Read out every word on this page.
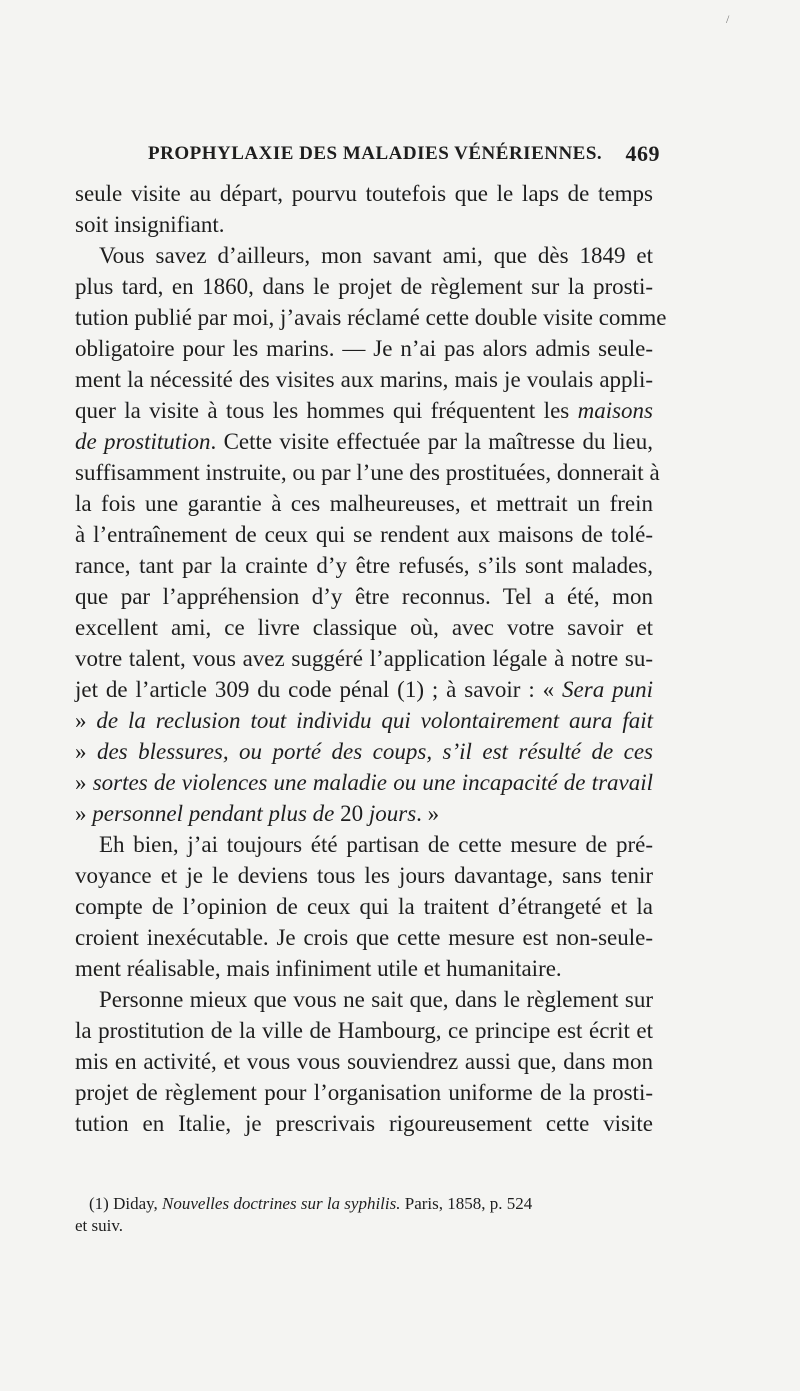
/
PROPHYLAXIE DES MALADIES VÉNÉRIENNES. 469
seule visite au départ, pourvu toutefois que le laps de temps
soit insignifiant.
Vous savez d’ailleurs, mon savant ami, que dès 1849 et
plus tard, en 1860, dans le projet de règlement sur la prosti-
tution publié par moi, j’avais réclamé cette double visite comme
obligatoire pour les marins. — Je n’ai pas alors admis seule-
ment la nécessité des visites aux marins, mais je voulais appli-
quer la visite à tous les hommes qui fréquentent les maisons
de prostitution. Cette visite effectuée par la maîtresse du lieu,
suffisamment instruite, ou par l’une des prostituées, donnerait à
la fois une garantie à ces malheureuses, et mettrait un frein
à l’entraînement de ceux qui se rendent aux maisons de tolé-
rance, tant par la crainte d’y être refusés, s’ils sont malades,
que par l’appréhension d’y être reconnus. Tel a été, mon
excellent ami, ce livre classique où, avec votre savoir et
votre talent, vous avez suggéré l’application légale à notre su-
jet de l’article 309 du code pénal (1) ; à savoir : « Sera puni
» de la reclusion tout individu qui volontairement aura fait
» des blessures, ou porté des coups, s’il est résulté de ces
» sortes de violences une maladie ou une incapacité de travail
» personnel pendant plus de 20 jours. »
Eh bien, j’ai toujours été partisan de cette mesure de pré-
voyance et je le deviens tous les jours davantage, sans tenir
compte de l’opinion de ceux qui la traitent d’étrangeté et la
croient inexécutable. Je crois que cette mesure est non-seule-
ment réalisable, mais infiniment utile et humanitaire.
Personne mieux que vous ne sait que, dans le règlement sur
la prostitution de la ville de Hambourg, ce principe est écrit et
mis en activité, et vous vous souviendrez aussi que, dans mon
projet de règlement pour l’organisation uniforme de la prosti-
tution en Italie, je prescrivais rigoureusement cette visite
(1) Diday, Nouvelles doctrines sur la syphilis. Paris, 1858, p. 524
et suiv.
